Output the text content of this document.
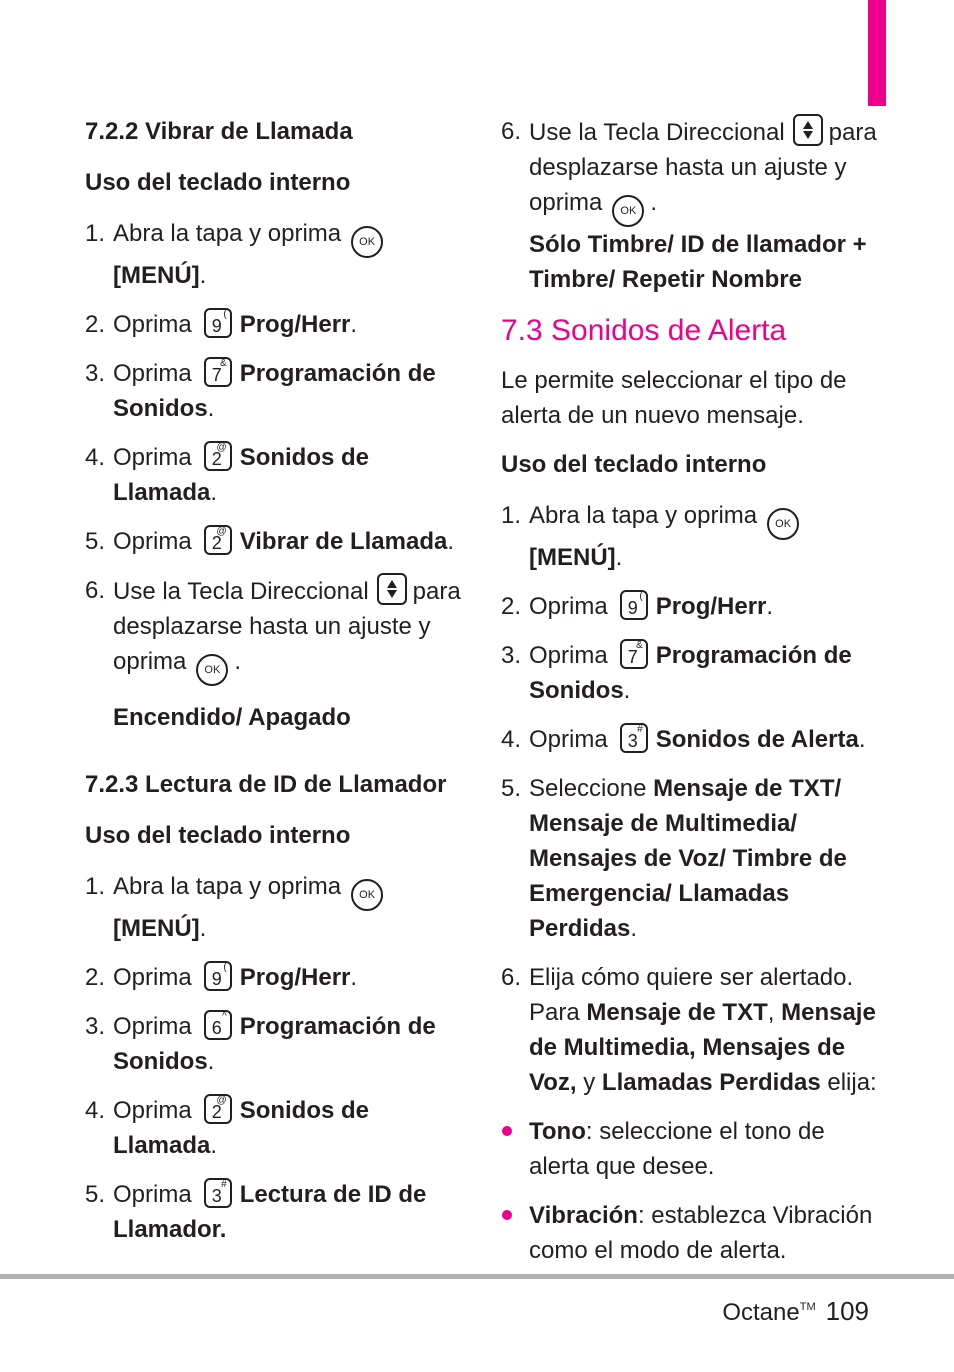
7.2.2 Vibrar de Llamada
Uso del teclado interno
1. Abra la tapa y oprima OK
[MENÚ].
2. Oprima 9
( Prog/Herr.
3. Oprima 7
& Programación de
Sonidos.
4. Oprima 2
@ Sonidos de
Llamada.
5. Oprima 2
@ Vibrar de Llamada.
6. Use la Tecla Direccional para
desplazarse hasta un ajuste y
oprima OK .
Encendido/ Apagado
7.2.3 Lectura de ID de Llamador
Uso del teclado interno
1. Abra la tapa y oprima OK
[MENÚ].
2. Oprima 9
( Prog/Herr.
3. Oprima 6
^ Programación de
Sonidos.
4. Oprima 2
@ Sonidos de
Llamada.
5. Oprima 3
# Lectura de ID de
Llamador.
6. Use la Tecla Direccional para
desplazarse hasta un ajuste y
oprima OK .
Sólo Timbre/ ID de llamador +
Timbre/ Repetir Nombre
7.3 Sonidos de Alerta
Le permite seleccionar el tipo de alerta de un nuevo mensaje.
Uso del teclado interno
1. Abra la tapa y oprima OK
[MENÚ].
2. Oprima 9
( Prog/Herr.
3. Oprima 7
& Programación de
Sonidos.
4. Oprima 3
# Sonidos de Alerta.
5. Seleccione Mensaje de TXT/
Mensaje de Multimedia/
Mensajes de Voz/ Timbre de
Emergencia/ Llamadas
Perdidas.
6. Elija cómo quiere ser alertado.
Para Mensaje de TXT, Mensaje
de Multimedia, Mensajes de
Voz, y Llamadas Perdidas elija:
Tono: seleccione el tono de alerta que desee.
Vibración: establezca Vibración como el modo de alerta.
Octane™ 109
